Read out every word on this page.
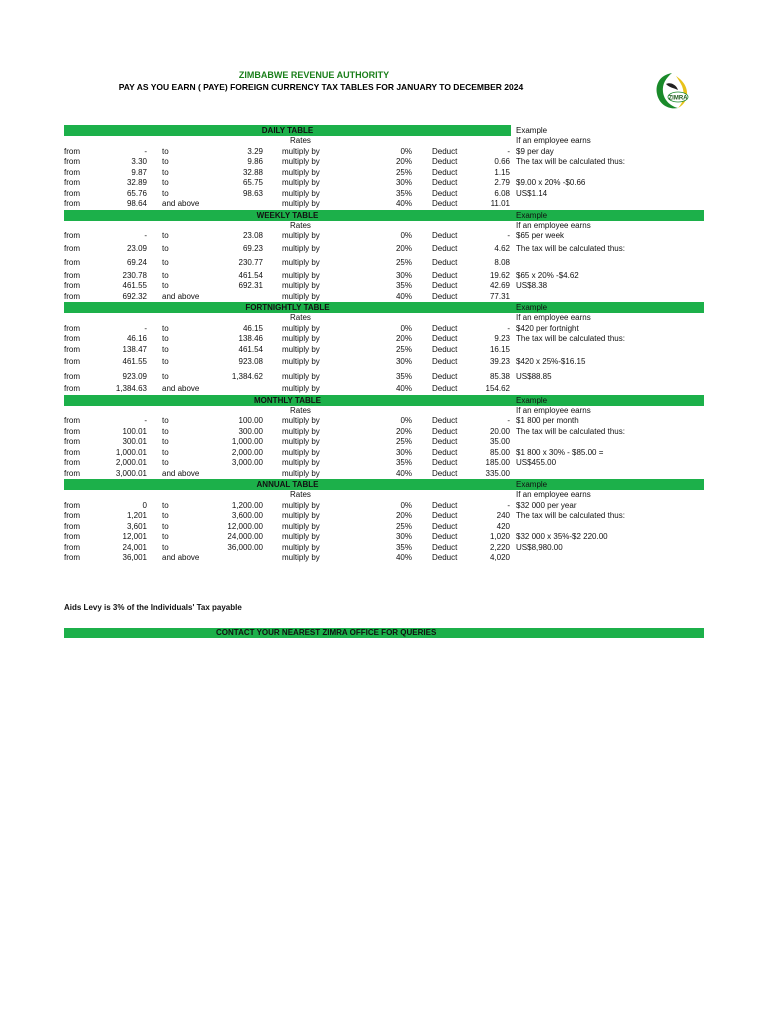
ZIMBABWE REVENUE AUTHORITY
PAY AS YOU EARN ( PAYE) FOREIGN CURRENCY TAX TABLES FOR JANUARY TO DECEMBER 2024
ZIMRA
DAILY TABLE	Example
Rates	If an employee earns
from	- to	3.29 multiply by	0%	Deduct	- $9 per day
from	3.30 to	9.86 multiply by	20%	Deduct	0.66 The tax will be calculated thus:
from	9.87 to	32.88 multiply by	25%	Deduct	1.15
from	32.89 to	65.75 multiply by	30%	Deduct	2.79 $9.00 x 20% -$0.66
from	65.76 to	98.63 multiply by	35%	Deduct	6.08 US$1.14
from	98.64 and above	multiply by	40%	Deduct	11.01
WEEKLY TABLE	Example
Rates	If an employee earns
from	- to	23.08 multiply by	0%	Deduct	- $65 per week
from	23.09 to	69.23 multiply by	20%	Deduct	4.62 The tax will be calculated thus:
from	69.24 to	230.77 multiply by	25%	Deduct	8.08
from	230.78 to	461.54 multiply by	30%	Deduct	19.62 $65 x 20% -$4.62
from	461.55 to	692.31 multiply by	35%	Deduct	42.69 US$8.38
from	692.32 and above	multiply by	40%	Deduct	77.31
FORTNIGHTLY TABLE	Example
Rates	If an employee earns
from	- to	46.15 multiply by	0%	Deduct	- $420 per fortnight
from	46.16 to	138.46 multiply by	20%	Deduct	9.23 The tax will be calculated thus:
from	138.47 to	461.54 multiply by	25%	Deduct	16.15
from	461.55 to	923.08 multiply by	30%	Deduct	39.23 $420 x 25%-$16.15
from	923.09 to	1,384.62 multiply by	35%	Deduct	85.38 US$88.85
from	1,384.63 and above	multiply by	40%	Deduct	154.62
MONTHLY TABLE	Example
Rates	If an employee earns
from	- to	100.00 multiply by	0%	Deduct	- $1 800 per month
from	100.01 to	300.00 multiply by	20%	Deduct	20.00 The tax will be calculated thus:
from	300.01 to	1,000.00 multiply by	25%	Deduct	35.00
from	1,000.01 to	2,000.00 multiply by	30%	Deduct	85.00 $1 800 x 30% - $85.00 =
from	2,000.01 to	3,000.00 multiply by	35%	Deduct	185.00 US$455.00
from	3,000.01 and above	multiply by	40%	Deduct	335.00
ANNUAL TABLE	Example
Rates	If an employee earns
from	0 to	1,200.00 multiply by	0%	Deduct	- $32 000 per year
from	1,201 to	3,600.00 multiply by	20%	Deduct	240 The tax will be calculated thus:
from	3,601 to	12,000.00 multiply by	25%	Deduct	420
from	12,001 to	24,000.00 multiply by	30%	Deduct	1,020 $32 000 x 35%-$2 220.00
from	24,001 to	36,000.00 multiply by	35%	Deduct	2,220 US$8,980.00
from	36,001 and above	multiply by	40%	Deduct	4,020
Aids Levy is 3% of the Individuals' Tax payable
CONTACT YOUR NEAREST ZIMRA OFFICE FOR QUERIES
